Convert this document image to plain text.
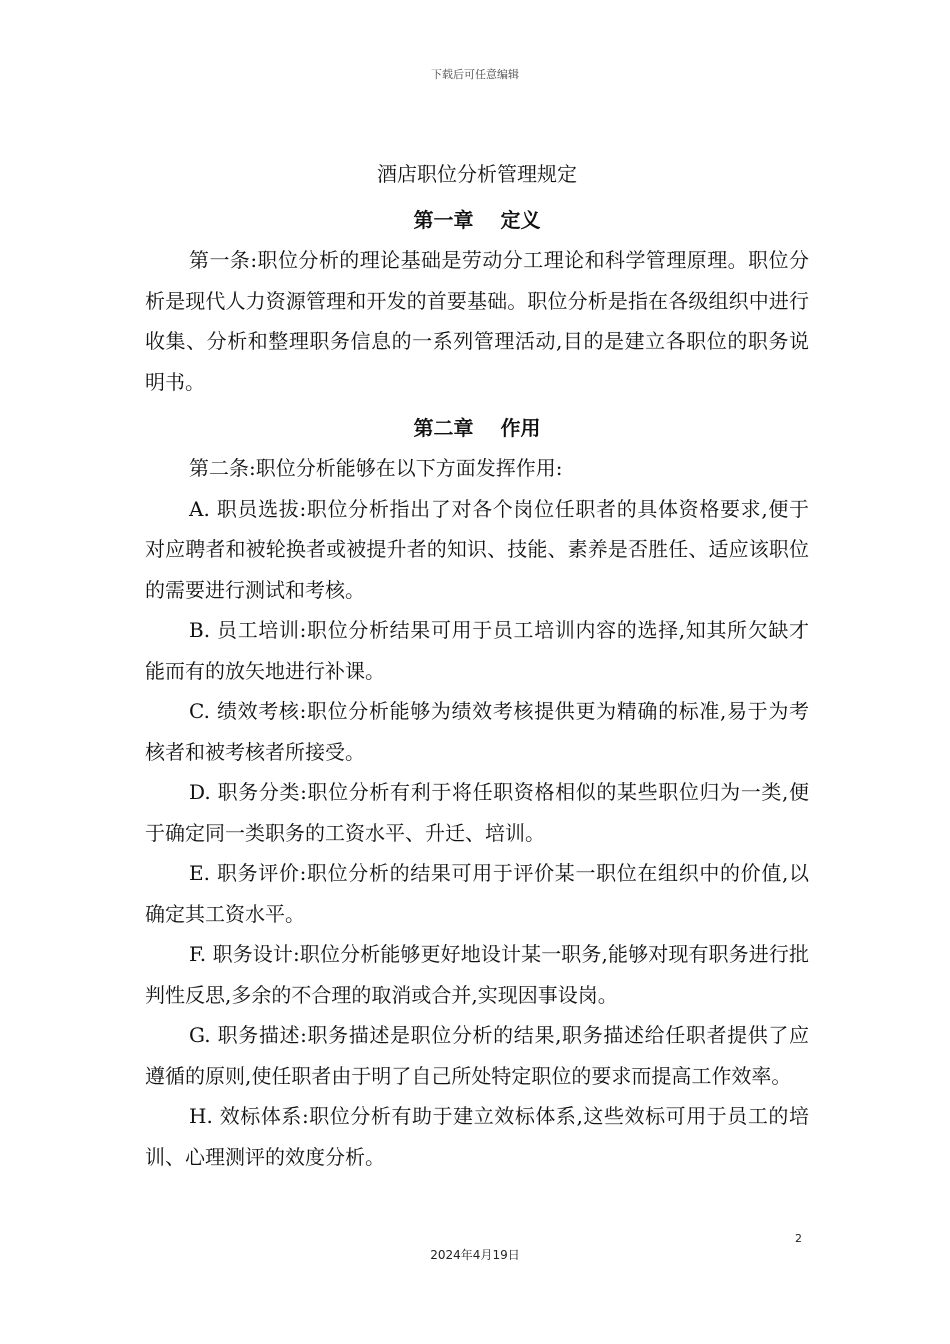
下载后可任意编辑
酒店职位分析管理规定
第一章　 定义

第一条:职位分析的理论基础是劳动分工理论和科学管理原理。职位分析是现代人力资源管理和开发的首要基础。职位分析是指在各级组织中进行收集、分析和整理职务信息的一系列管理活动,目的是建立各职位的职务说明书。

第二章　 作用

第二条:职位分析能够在以下方面发挥作用:

A. 职员选拔:职位分析指出了对各个岗位任职者的具体资格要求,便于对应聘者和被轮换者或被提升者的知识、技能、素养是否胜任、适应该职位的需要进行测试和考核。

B. 员工培训:职位分析结果可用于员工培训内容的选择,知其所欠缺才能而有的放矢地进行补课。

C. 绩效考核:职位分析能够为绩效考核提供更为精确的标准,易于为考核者和被考核者所接受。

D. 职务分类:职位分析有利于将任职资格相似的某些职位归为一类,便于确定同一类职务的工资水平、升迁、培训。

E. 职务评价:职位分析的结果可用于评价某一职位在组织中的价值,以确定其工资水平。

F. 职务设计:职位分析能够更好地设计某一职务,能够对现有职务进行批判性反思,多余的不合理的取消或合并,实现因事设岗。

G. 职务描述:职务描述是职位分析的结果,职务描述给任职者提供了应遵循的原则,使任职者由于明了自己所处特定职位的要求而提高工作效率。

H. 效标体系:职位分析有助于建立效标体系,这些效标可用于员工的培训、心理测评的效度分析。

2
2024年4月19日
